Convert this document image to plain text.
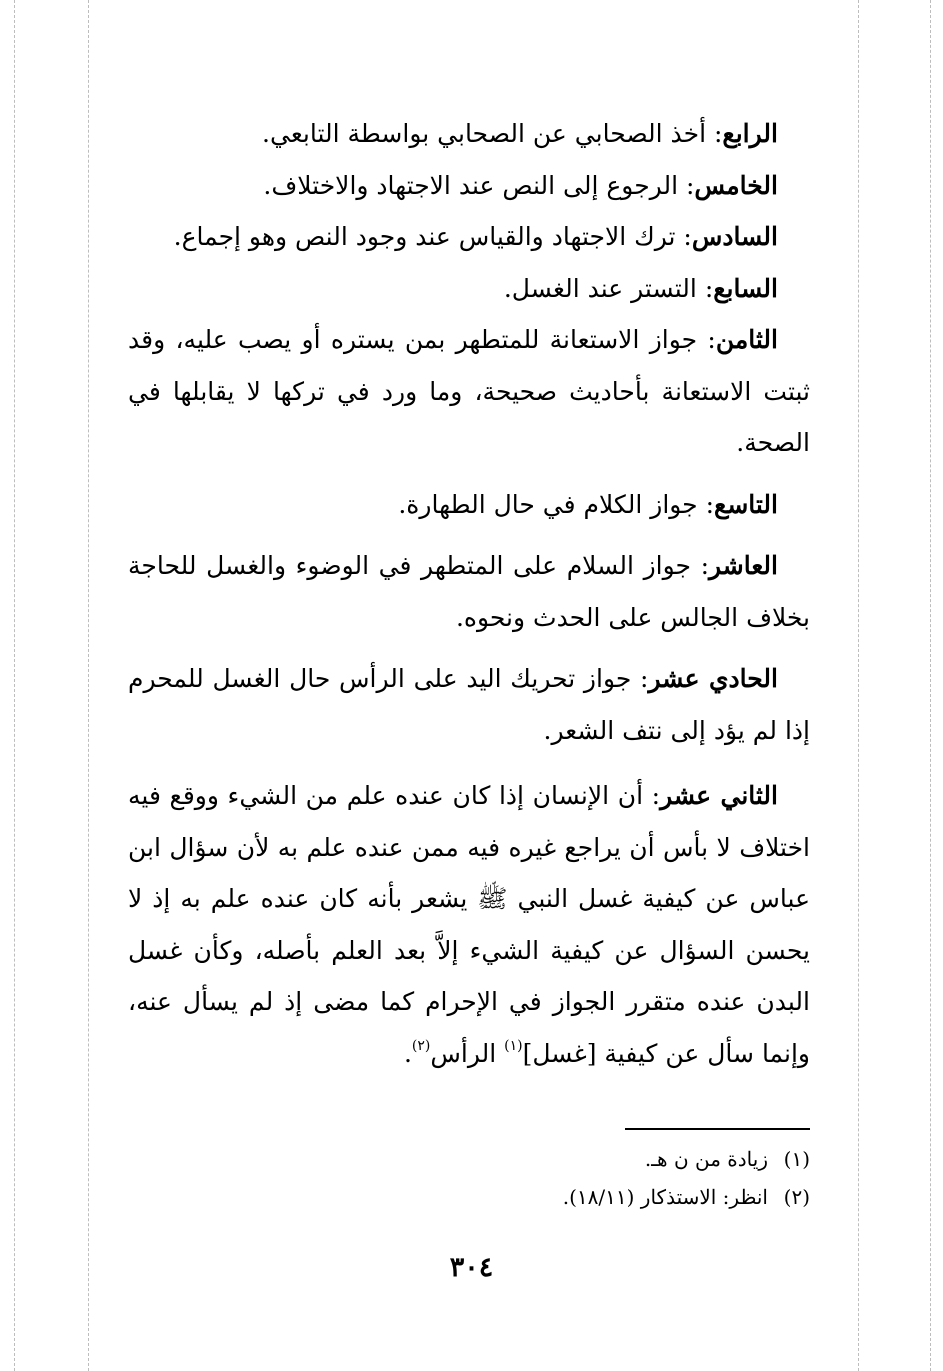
الرابع: أخذ الصحابي عن الصحابي بواسطة التابعي.

الخامس: الرجوع إلى النص عند الاجتهاد والاختلاف.

السادس: ترك الاجتهاد والقياس عند وجود النص وهو إجماع.

السابع: التستر عند الغسل.

الثامن: جواز الاستعانة للمتطهر بمن يستره أو يصب عليه، وقد ثبتت الاستعانة بأحاديث صحيحة، وما ورد في تركها لا يقابلها في الصحة.

التاسع: جواز الكلام في حال الطهارة.

العاشر: جواز السلام على المتطهر في الوضوء والغسل للحاجة بخلاف الجالس على الحدث ونحوه.

الحادي عشر: جواز تحريك اليد على الرأس حال الغسل للمحرم إذا لم يؤد إلى نتف الشعر.

الثاني عشر: أن الإنسان إذا كان عنده علم من الشيء ووقع فيه اختلاف لا بأس أن يراجع غيره فيه ممن عنده علم به لأن سؤال ابن عباس عن كيفية غسل النبي ﷺ يشعر بأنه كان عنده علم به إذ لا يحسن السؤال عن كيفية الشيء إلاَّ بعد العلم بأصله، وكأن غسل البدن عنده متقرر الجواز في الإحرام كما مضى إذ لم يسأل عنه، وإنما سأل عن كيفية [غسل]$^{(١)}$ الرأس$^{(٢)}$.

(١)زيادة من ن هـ.

(٢)انظر: الاستذكار (١٨/١١).

٣٠٤
